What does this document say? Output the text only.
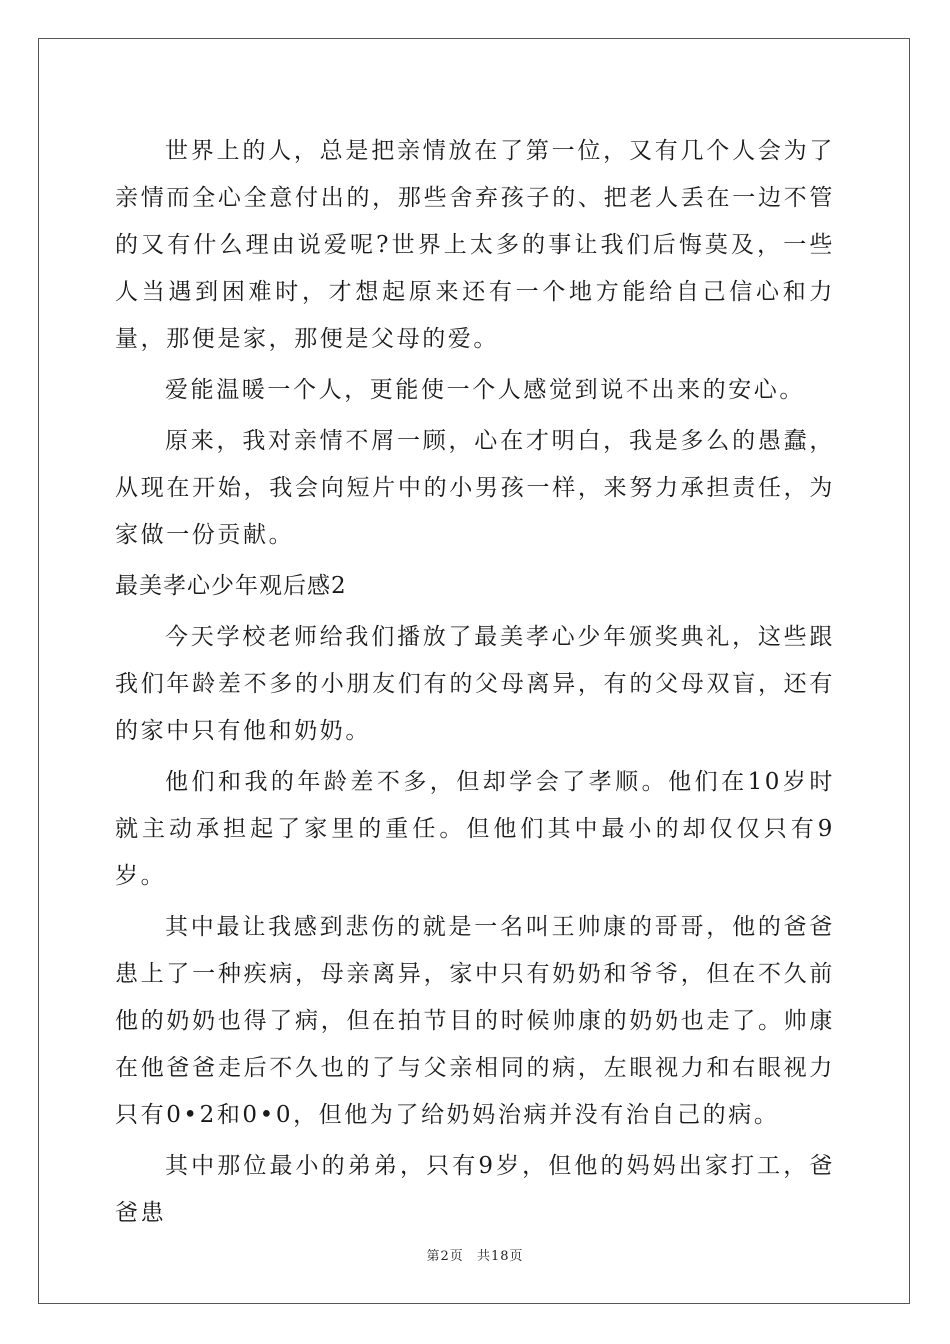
世界上的人，总是把亲情放在了第一位，又有几个人会为了亲情而全心全意付出的，那些舍弃孩子的、把老人丢在一边不管的又有什么理由说爱呢?世界上太多的事让我们后悔莫及，一些人当遇到困难时，才想起原来还有一个地方能给自己信心和力量，那便是家，那便是父母的爱。

爱能温暖一个人，更能使一个人感觉到说不出来的安心。

原来，我对亲情不屑一顾，心在才明白，我是多么的愚蠢，从现在开始，我会向短片中的小男孩一样，来努力承担责任，为家做一份贡献。

最美孝心少年观后感2

今天学校老师给我们播放了最美孝心少年颁奖典礼，这些跟我们年龄差不多的小朋友们有的父母离异，有的父母双盲，还有的家中只有他和奶奶。

他们和我的年龄差不多，但却学会了孝顺。他们在10岁时就主动承担起了家里的重任。但他们其中最小的却仅仅只有9岁。

其中最让我感到悲伤的就是一名叫王帅康的哥哥，他的爸爸患上了一种疾病，母亲离异，家中只有奶奶和爷爷，但在不久前他的奶奶也得了病，但在拍节目的时候帅康的奶奶也走了。帅康在他爸爸走后不久也的了与父亲相同的病，左眼视力和右眼视力只有0•2和0•0，但他为了给奶妈治病并没有治自己的病。

其中那位最小的弟弟，只有9岁，但他的妈妈出家打工，爸爸患

第2页 共18页
